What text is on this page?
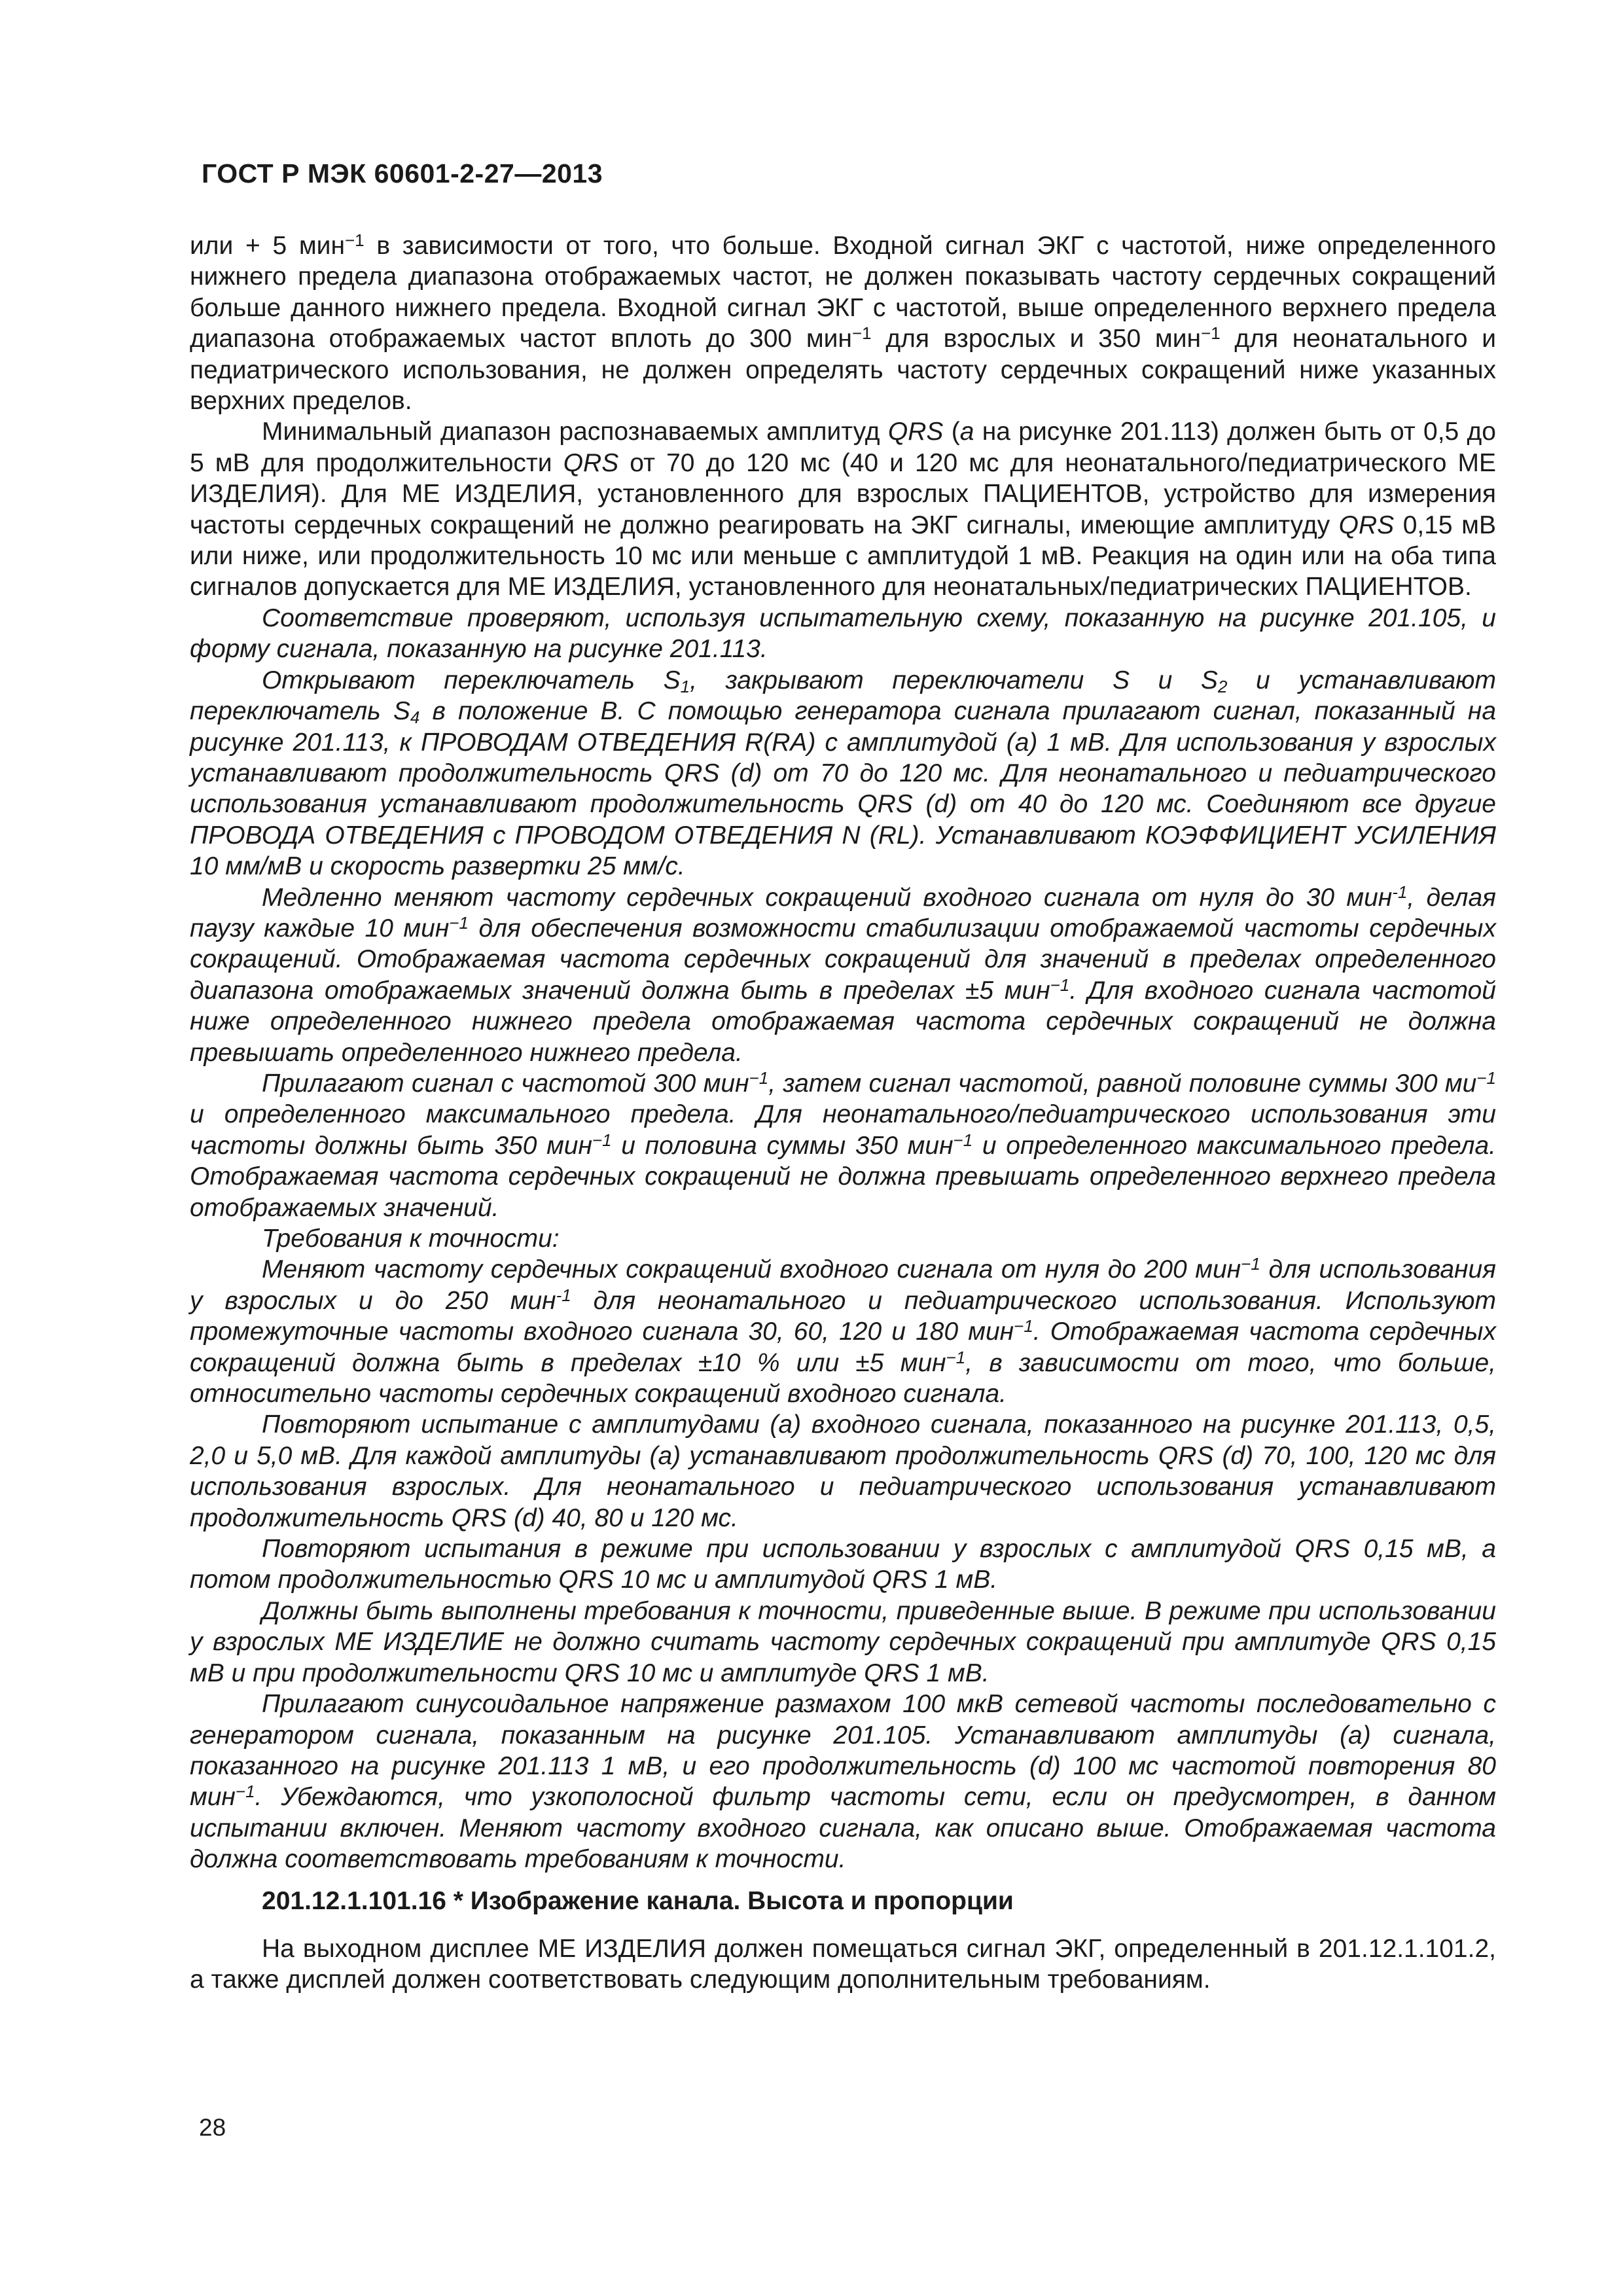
ГОСТ Р МЭК 60601-2-27—2013

или + 5 мин$^{-1}$ в зависимости от того, что больше. Входной сигнал ЭКГ с частотой, ниже определенного нижнего предела диапазона отображаемых частот, не должен показывать частоту сердечных сокращений больше данного нижнего предела. Входной сигнал ЭКГ с частотой, выше определенного верхнего предела диапазона отображаемых частот вплоть до 300 мин$^{-1}$ для взрослых и 350 мин$^{-1}$ для неонатального и педиатрического использования, не должен определять частоту сердечных сокращений ниже указанных верхних пределов.

Минимальный диапазон распознаваемых амплитуд QRS (a на рисунке 201.113) должен быть от 0,5 до 5 мВ для продолжительности QRS от 70 до 120 мс (40 и 120 мс для неонатального/педиатрического МЕ ИЗДЕЛИЯ). Для МЕ ИЗДЕЛИЯ, установленного для взрослых ПАЦИЕНТОВ, устройство для измерения частоты сердечных сокращений не должно реагировать на ЭКГ сигналы, имеющие амплитуду QRS 0,15 мВ или ниже, или продолжительность 10 мс или меньше с амплитудой 1 мВ. Реакция на один или на оба типа сигналов допускается для МЕ ИЗДЕЛИЯ, установленного для неонатальных/педиатрических ПАЦИЕНТОВ.

Соответствие проверяют, используя испытательную схему, показанную на рисунке 201.105, и форму сигнала, показанную на рисунке 201.113.

Открывают переключатель $S_1$, закрывают переключатели S и $S_2$ и устанавливают переключатель $S_4$ в положение B. С помощью генератора сигнала прилагают сигнал, показанный на рисунке 201.113, к ПРОВОДАМ ОТВЕДЕНИЯ R(RA) с амплитудой (а) 1 мВ. Для использования у взрослых устанавливают продолжительность QRS (d) от 70 до 120 мс. Для неонатального и педиатрического использования устанавливают продолжительность QRS (d) от 40 до 120 мс. Соединяют все другие ПРОВОДА ОТВЕДЕНИЯ с ПРОВОДОМ ОТВЕДЕНИЯ N (RL). Устанавливают КОЭФФИЦИЕНТ УСИЛЕНИЯ 10 мм/мВ и скорость развертки 25 мм/с.

Медленно меняют частоту сердечных сокращений входного сигнала от нуля до 30 мин$^{-1}$, делая паузу каждые 10 мин$^{-1}$ для обеспечения возможности стабилизации отображаемой частоты сердечных сокращений. Отображаемая частота сердечных сокращений для значений в пределах определенного диапазона отображаемых значений должна быть в пределах ±5 мин$^{-1}$. Для входного сигнала частотой ниже определенного нижнего предела отображаемая частота сердечных сокращений не должна превышать определенного нижнего предела.

Прилагают сигнал с частотой 300 мин$^{-1}$, затем сигнал частотой, равной половине суммы 300 $ми^{-1}$ и определенного максимального предела. Для неонатального/педиатрического использования эти частоты должны быть 350 мин$^{-1}$ и половина суммы 350 мин$^{-1}$ и определенного максимального предела. Отображаемая частота сердечных сокращений не должна превышать определенного верхнего предела отображаемых значений.

Требования к точности:

Меняют частоту сердечных сокращений входного сигнала от нуля до 200 мин$^{-1}$ для использования у взрослых и до 250 мин$^{-1}$ для неонатального и педиатрического использования. Используют промежуточные частоты входного сигнала 30, 60, 120 и 180 мин$^{-1}$. Отображаемая частота сердечных сокращений должна быть в пределах ±10 % или ±5 мин$^{-1}$, в зависимости от того, что больше, относительно частоты сердечных сокращений входного сигнала.

Повторяют испытание с амплитудами (а) входного сигнала, показанного на рисунке 201.113, 0,5, 2,0 и 5,0 мВ. Для каждой амплитуды (а) устанавливают продолжительность QRS (d) 70, 100, 120 мс для использования взрослых. Для неонатального и педиатрического использования устанавливают продолжительность QRS (d) 40, 80 и 120 мс.

Повторяют испытания в режиме при использовании у взрослых с амплитудой QRS 0,15 мВ, а потом продолжительностью QRS 10 мс и амплитудой QRS 1 мВ.

Должны быть выполнены требования к точности, приведенные выше. В режиме при использовании у взрослых МЕ ИЗДЕЛИЕ не должно считать частоту сердечных сокращений при амплитуде QRS 0,15 мВ и при продолжительности QRS 10 мс и амплитуде QRS 1 мВ.

Прилагают синусоидальное напряжение размахом 100 мкВ сетевой частоты последовательно с генератором сигнала, показанным на рисунке 201.105. Устанавливают амплитуды (а) сигнала, показанного на рисунке 201.113 1 мВ, и его продолжительность (d) 100 мс частотой повторения 80 мин$^{-1}$. Убеждаются, что узкополосной фильтр частоты сети, если он предусмотрен, в данном испытании включен. Меняют частоту входного сигнала, как описано выше. Отображаемая частота должна соответствовать требованиям к точности.

201.12.1.101.16 * Изображение канала. Высота и пропорции

На выходном дисплее МЕ ИЗДЕЛИЯ должен помещаться сигнал ЭКГ, определенный в 201.12.1.101.2, а также дисплей должен соответствовать следующим дополнительным требованиям.

28
